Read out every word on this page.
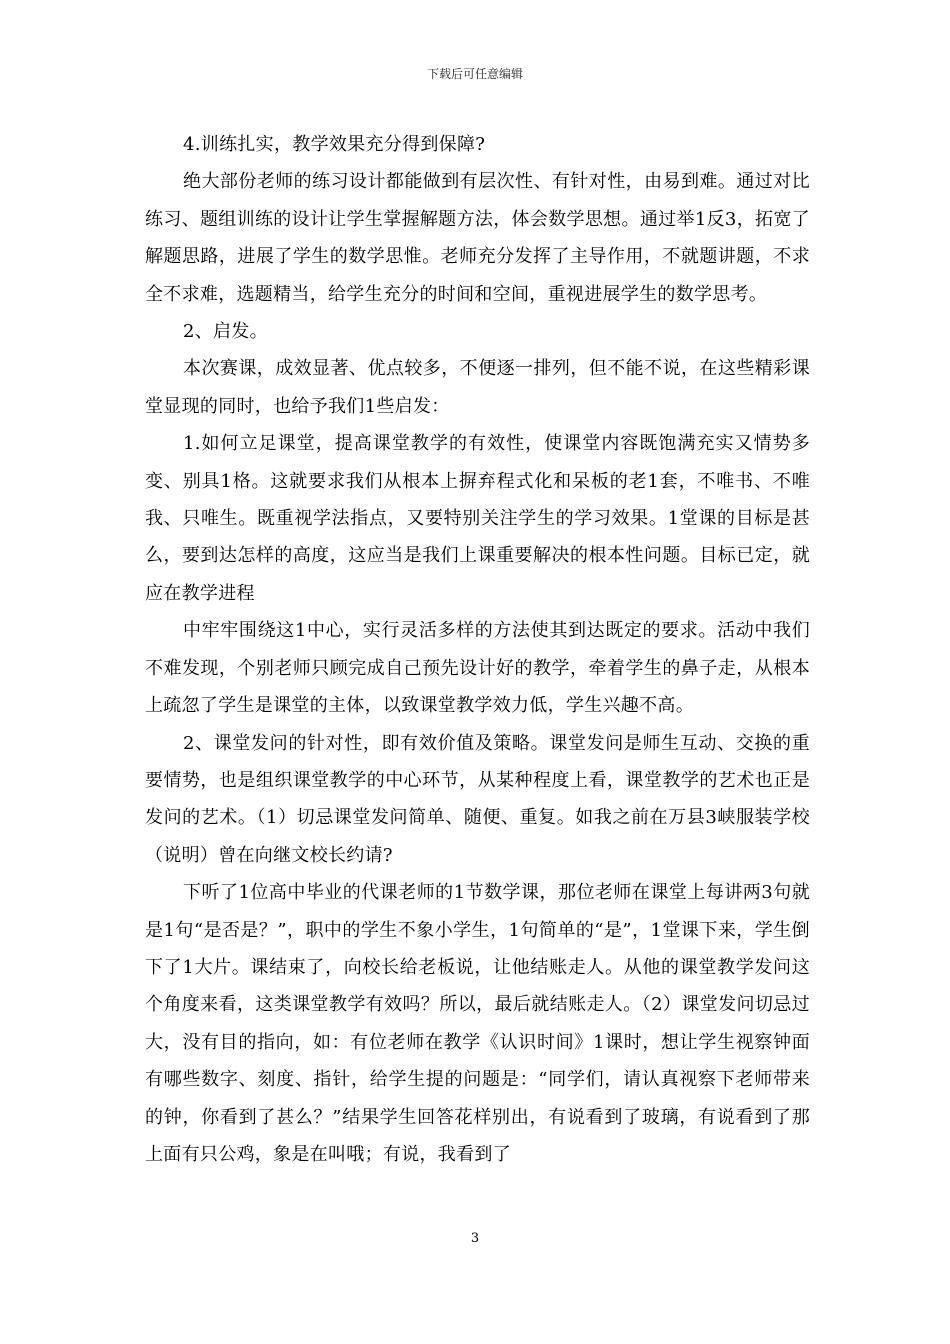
下载后可任意编辑

4.训练扎实，教学效果充分得到保障?

绝大部份老师的练习设计都能做到有层次性、有针对性，由易到难。通过对比练习、题组训练的设计让学生掌握解题方法，体会数学思想。通过举1反3，拓宽了解题思路，进展了学生的数学思惟。老师充分发挥了主导作用，不就题讲题，不求全不求难，选题精当，给学生充分的时间和空间，重视进展学生的数学思考。

2、启发。

本次赛课，成效显著、优点较多，不便逐一排列，但不能不说，在这些精彩课堂显现的同时，也给予我们1些启发：

1.如何立足课堂，提高课堂教学的有效性，使课堂内容既饱满充实又情势多变、别具1格。这就要求我们从根本上摒弃程式化和呆板的老1套，不唯书、不唯我、只唯生。既重视学法指点，又要特别关注学生的学习效果。1堂课的目标是甚么，要到达怎样的高度，这应当是我们上课重要解决的根本性问题。目标已定，就应在教学进程

中牢牢围绕这1中心，实行灵活多样的方法使其到达既定的要求。活动中我们不难发现，个别老师只顾完成自己预先设计好的教学，牵着学生的鼻子走，从根本上疏忽了学生是课堂的主体，以致课堂教学效力低，学生兴趣不高。

2、课堂发问的针对性，即有效价值及策略。课堂发问是师生互动、交换的重要情势，也是组织课堂教学的中心环节，从某种程度上看，课堂教学的艺术也正是发问的艺术。（1）切忌课堂发问简单、随便、重复。如我之前在万县3峡服装学校（说明）曾在向继文校长约请?

下听了1位高中毕业的代课老师的1节数学课，那位老师在课堂上每讲两3句就是1句“是否是？”，职中的学生不象小学生，1句简单的“是”，1堂课下来，学生倒下了1大片。课结束了，向校长给老板说，让他结账走人。从他的课堂教学发问这个角度来看，这类课堂教学有效吗？所以，最后就结账走人。（2）课堂发问切忌过大，没有目的指向，如：有位老师在教学《认识时间》1课时，想让学生视察钟面有哪些数字、刻度、指针，给学生提的问题是：“同学们，请认真视察下老师带来的钟，你看到了甚么？”结果学生回答花样别出，有说看到了玻璃，有说看到了那上面有只公鸡，象是在叫哦；有说，我看到了

3
